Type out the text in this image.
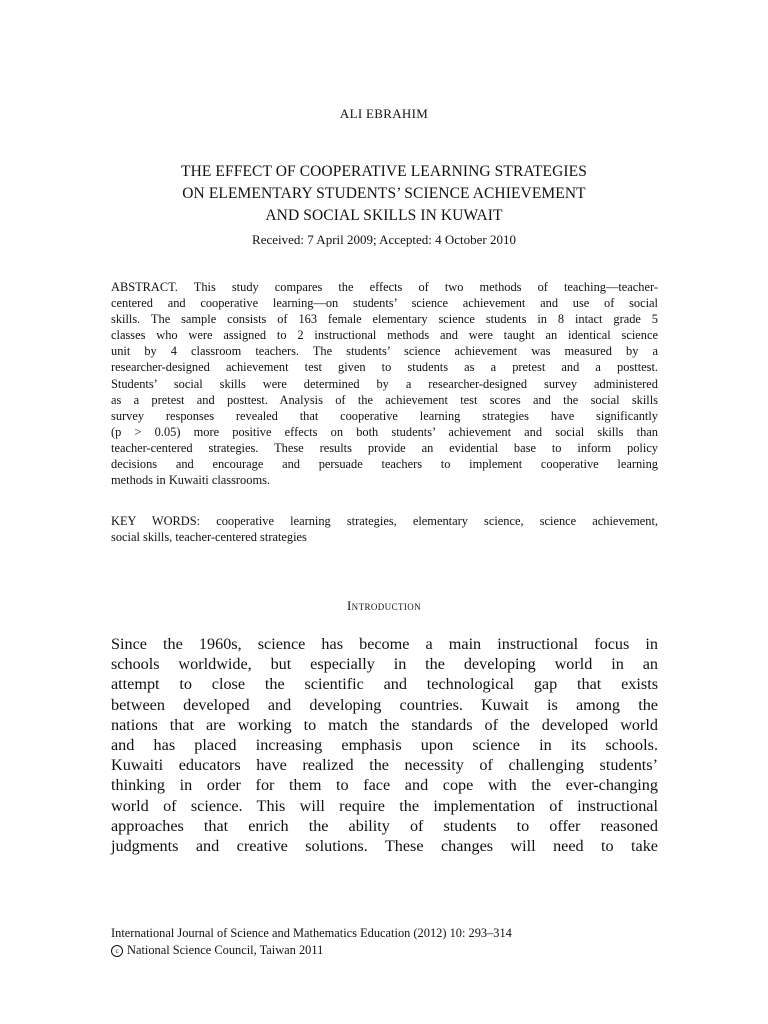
ALI EBRAHIM
THE EFFECT OF COOPERATIVE LEARNING STRATEGIES
ON ELEMENTARY STUDENTS’ SCIENCE ACHIEVEMENT
AND SOCIAL SKILLS IN KUWAIT
Received: 7 April 2009; Accepted: 4 October 2010
ABSTRACT. This study compares the effects of two methods of teaching—teacher-
centered and cooperative learning—on students’ science achievement and use of social
skills. The sample consists of 163 female elementary science students in 8 intact grade 5
classes who were assigned to 2 instructional methods and were taught an identical science
unit by 4 classroom teachers. The students’ science achievement was measured by a
researcher-designed achievement test given to students as a pretest and a posttest.
Students’ social skills were determined by a researcher-designed survey administered
as a pretest and posttest. Analysis of the achievement test scores and the social skills
survey responses revealed that cooperative learning strategies have significantly
(p > 0.05) more positive effects on both students’ achievement and social skills than
teacher-centered strategies. These results provide an evidential base to inform policy
decisions and encourage and persuade teachers to implement cooperative learning
methods in Kuwaiti classrooms.
KEY WORDS: cooperative learning strategies, elementary science, science achievement,
social skills, teacher-centered strategies
Introduction
Since the 1960s, science has become a main instructional focus in
schools worldwide, but especially in the developing world in an
attempt to close the scientific and technological gap that exists
between developed and developing countries. Kuwait is among the
nations that are working to match the standards of the developed world
and has placed increasing emphasis upon science in its schools.
Kuwaiti educators have realized the necessity of challenging students’
thinking in order for them to face and cope with the ever-changing
world of science. This will require the implementation of instructional
approaches that enrich the ability of students to offer reasoned
judgments and creative solutions. These changes will need to take
International Journal of Science and Mathematics Education (2012) 10: 293–314
c National Science Council, Taiwan 2011
